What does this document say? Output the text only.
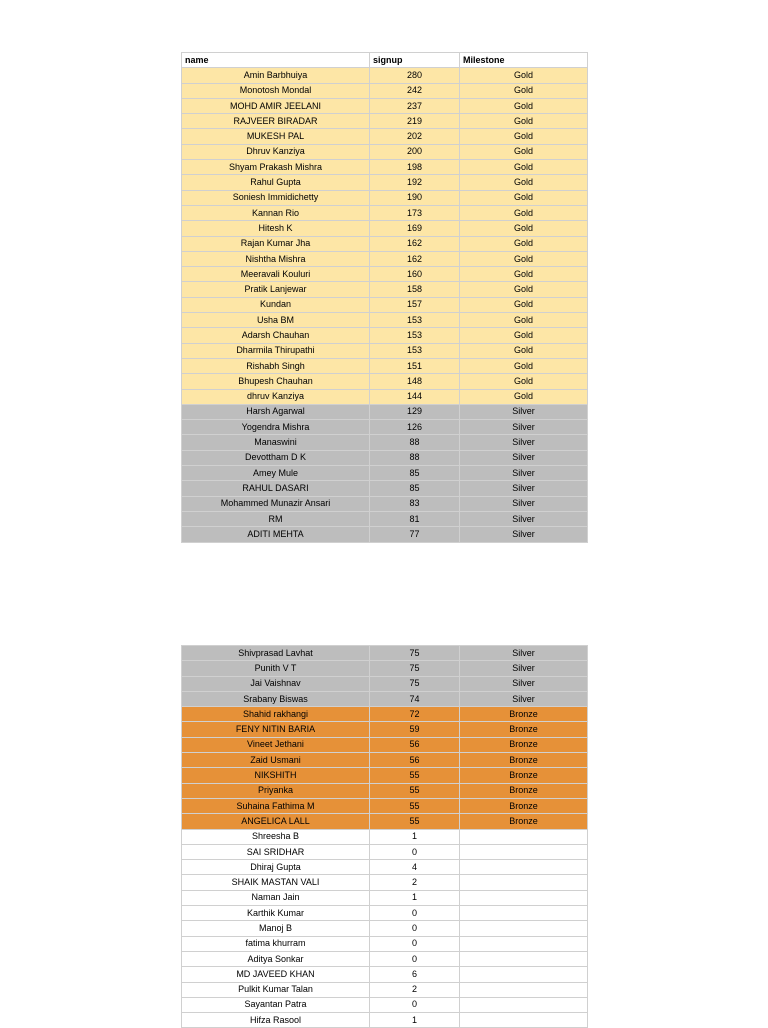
name	signup	Milestone
Amin Barbhuiya	280	Gold
Monotosh Mondal	242	Gold
MOHD AMIR JEELANI	237	Gold
RAJVEER BIRADAR	219	Gold
MUKESH PAL	202	Gold
Dhruv Kanziya	200	Gold
Shyam Prakash Mishra	198	Gold
Rahul Gupta	192	Gold
Soniesh Immidichetty	190	Gold
Kannan Rio	173	Gold
Hitesh K	169	Gold
Rajan Kumar Jha	162	Gold
Nishtha Mishra	162	Gold
Meeravali Kouluri	160	Gold
Pratik Lanjewar	158	Gold
Kundan	157	Gold
Usha BM	153	Gold
Adarsh Chauhan	153	Gold
Dharmila Thirupathi	153	Gold
Rishabh Singh	151	Gold
Bhupesh Chauhan	148	Gold
dhruv Kanziya	144	Gold
Harsh Agarwal	129	Silver
Yogendra Mishra	126	Silver
Manaswini	88	Silver
Devottham D K	88	Silver
Amey Mule	85	Silver
RAHUL DASARI	85	Silver
Mohammed Munazir Ansari	83	Silver
RM	81	Silver
ADITI MEHTA	77	Silver
Shivprasad Lavhat	75	Silver
Punith V T	75	Silver
Jai Vaishnav	75	Silver
Srabany Biswas	74	Silver
Shahid rakhangi	72	Bronze
FENY NITIN BARIA	59	Bronze
Vineet Jethani	56	Bronze
Zaid Usmani	56	Bronze
NIKSHITH	55	Bronze
Priyanka	55	Bronze
Suhaina Fathima M	55	Bronze
ANGELICA LALL	55	Bronze
Shreesha B	1	
SAI SRIDHAR	0	
Dhiraj Gupta	4	
SHAIK MASTAN VALI	2	
Naman Jain	1	
Karthik Kumar	0	
Manoj B	0	
fatima khurram	0	
Aditya Sonkar	0	
MD JAVEED KHAN	6	
Pulkit Kumar Talan	2	
Sayantan Patra	0	
Hifza Rasool	1	
